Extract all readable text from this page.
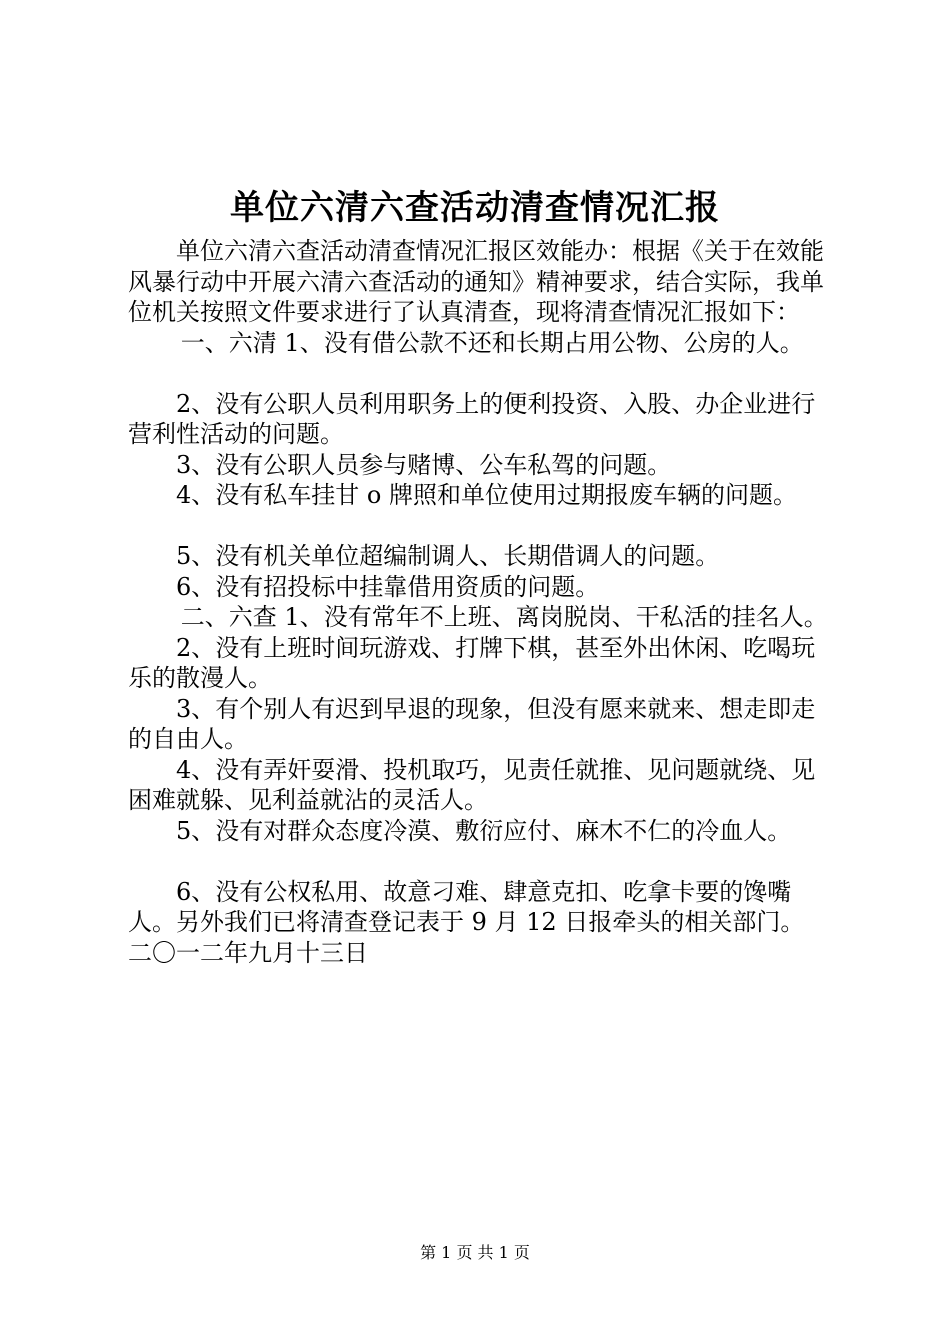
单位六清六查活动清查情况汇报

单位六清六查活动清查情况汇报区效能办：根据《关于在效能风暴行动中开展六清六查活动的通知》精神要求，结合实际，我单位机关按照文件要求进行了认真清查，现将清查情况汇报如下：

一、六清 1、没有借公款不还和长期占用公物、公房的人。

2、没有公职人员利用职务上的便利投资、入股、办企业进行营利性活动的问题。

3、没有公职人员参与赌博、公车私驾的问题。

4、没有私车挂甘 o 牌照和单位使用过期报废车辆的问题。

5、没有机关单位超编制调人、长期借调人的问题。

6、没有招投标中挂靠借用资质的问题。

二、六查 1、没有常年不上班、离岗脱岗、干私活的挂名人。

2、没有上班时间玩游戏、打牌下棋，甚至外出休闲、吃喝玩乐的散漫人。

3、有个别人有迟到早退的现象，但没有愿来就来、想走即走的自由人。

4、没有弄奸耍滑、投机取巧，见责任就推、见问题就绕、见困难就躲、见利益就沾的灵活人。

5、没有对群众态度冷漠、敷衍应付、麻木不仁的冷血人。

6、没有公权私用、故意刁难、肆意克扣、吃拿卡要的馋嘴人。另外我们已将清查登记表于 9 月 12 日报牵头的相关部门。

二〇一二年九月十三日

第 1 页 共 1 页
